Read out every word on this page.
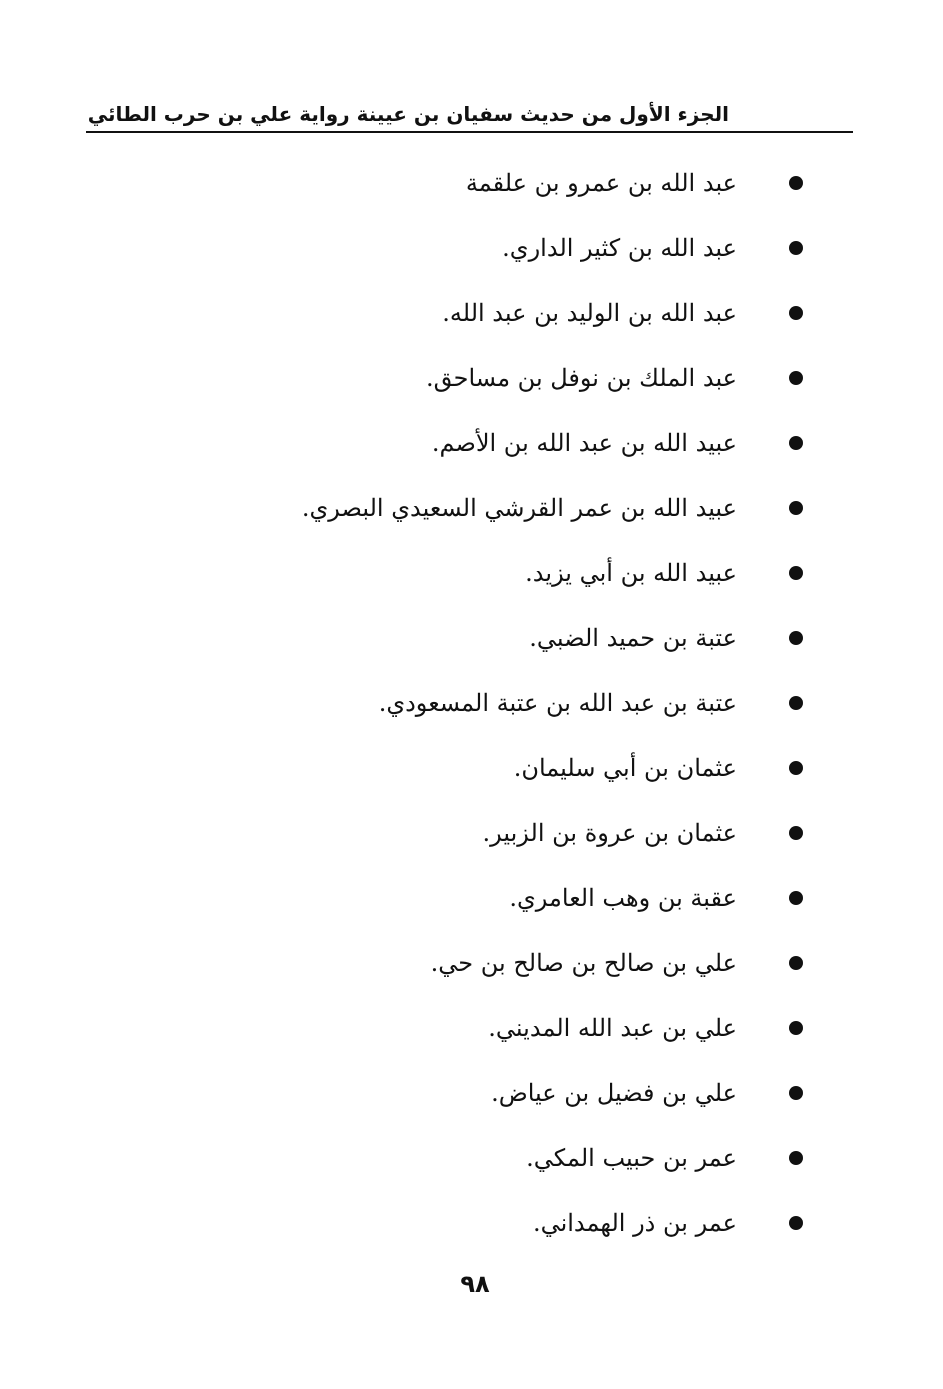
الجزء الأول من حديث سفيان بن عيينة رواية علي بن حرب الطائي
عبد الله بن عمرو بن علقمة
عبد الله بن كثير الداري.
عبد الله بن الوليد بن عبد الله.
عبد الملك بن نوفل بن مساحق.
عبيد الله بن عبد الله بن الأصم.
عبيد الله بن عمر القرشي السعيدي البصري.
عبيد الله بن أبي يزيد.
عتبة بن حميد الضبي.
عتبة بن عبد الله بن عتبة المسعودي.
عثمان بن أبي سليمان.
عثمان بن عروة بن الزبير.
عقبة بن وهب العامري.
علي بن صالح بن صالح بن حي.
علي بن عبد الله المديني.
علي بن فضيل بن عياض.
عمر بن حبيب المكي.
عمر بن ذر الهمداني.
٩٨
